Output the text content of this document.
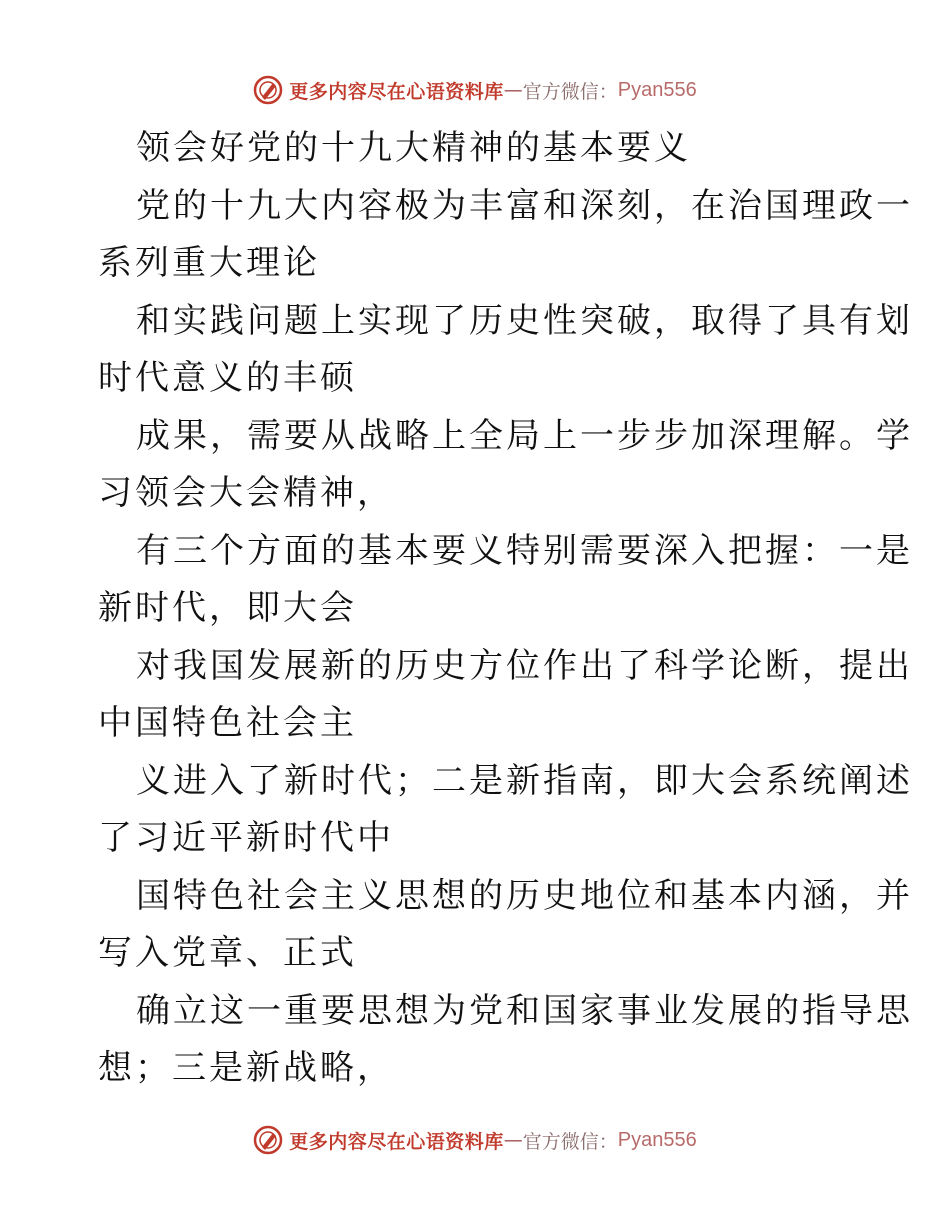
更多内容尽在心语资料库 — 官方微信： Pyan556
领会好党的十九大精神的基本要义
党的十九大内容极为丰富和深刻，在治国理政一
系列重大理论
和实践问题上实现了历史性突破，取得了具有划
时代意义的丰硕
成果，需要从战略上全局上一步步加深理解。学
习领会大会精神，
有三个方面的基本要义特别需要深入把握：一是
新时代，即大会
对我国发展新的历史方位作出了科学论断，提出
中国特色社会主
义进入了新时代；二是新指南，即大会系统阐述
了习近平新时代中
国特色社会主义思想的历史地位和基本内涵，并
写入党章、正式
确立这一重要思想为党和国家事业发展的指导思
想；三是新战略，
更多内容尽在心语资料库 — 官方微信： Pyan556
